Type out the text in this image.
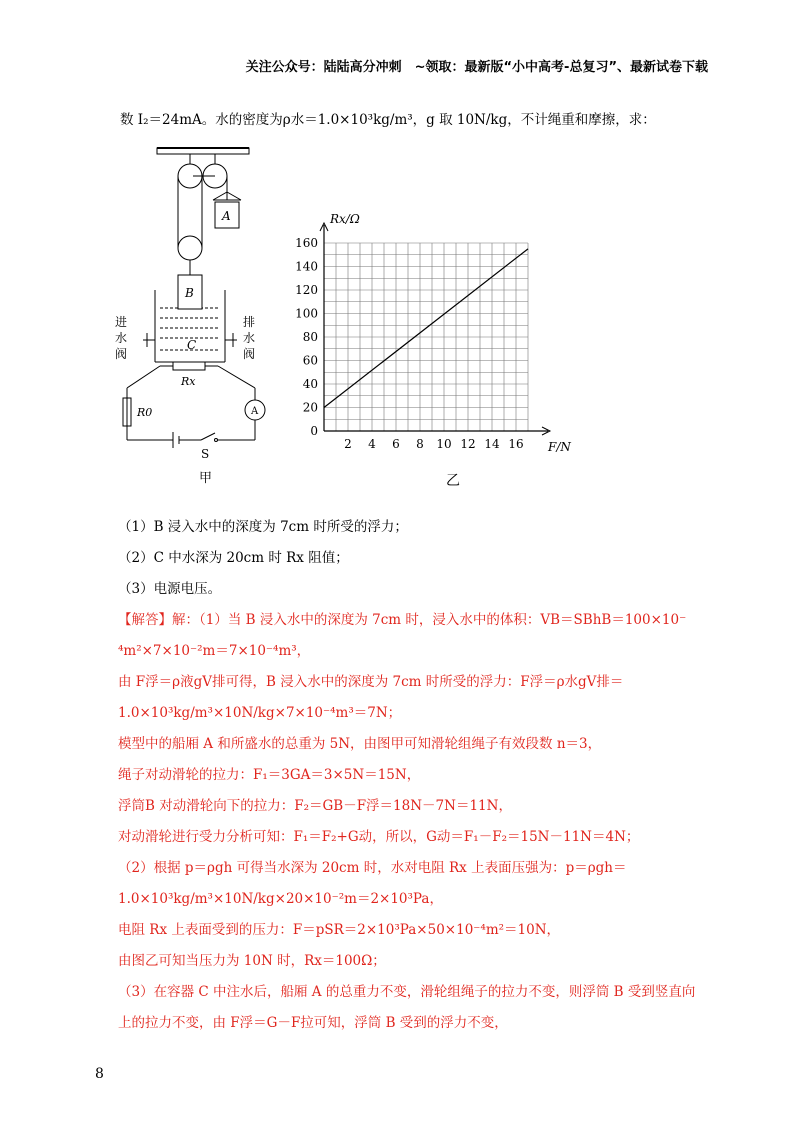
关注公众号：陆陆高分冲刺　~领取：最新版“小中高考-总复习”、最新试卷下载
数 I₂＝24mA。水的密度为ρ水＝1.0×10³kg/m³，g 取 10N/kg，不计绳重和摩擦，求：
A
B
C
进
水
阀
排
水
阀
Rx
R0	A
S
甲
0
20
40
60
80
100
120
140
160
2 4 6 8 10 12 14 16
Rx/Ω
F/N
乙
（1）B 浸入水中的深度为 7cm 时所受的浮力；
（2）C 中水深为 20cm 时 Rx 阻值；
（3）电源电压。
【解答】解：（1）当 B 浸入水中的深度为 7cm 时，浸入水中的体积：VB＝SBhB＝100×10⁻
⁴m²×7×10⁻²m＝7×10⁻⁴m³，
由 F浮＝ρ液gV排可得，B 浸入水中的深度为 7cm 时所受的浮力：F浮＝ρ水gV排＝
1.0×10³kg/m³×10N/kg×7×10⁻⁴m³＝7N；
模型中的船厢 A 和所盛水的总重为 5N，由图甲可知滑轮组绳子有效段数 n＝3，
绳子对动滑轮的拉力：F₁＝3GA＝3×5N＝15N，
浮筒B 对动滑轮向下的拉力：F₂＝GB－F浮＝18N－7N＝11N，
对动滑轮进行受力分析可知：F₁＝F₂+G动，所以，G动＝F₁－F₂＝15N－11N＝4N；
（2）根据 p＝ρgh 可得当水深为 20cm 时，水对电阻 Rx 上表面压强为：p＝ρgh＝
1.0×10³kg/m³×10N/kg×20×10⁻²m＝2×10³Pa，
电阻 Rx 上表面受到的压力：F＝pSR＝2×10³Pa×50×10⁻⁴m²＝10N，
由图乙可知当压力为 10N 时，Rx＝100Ω；
（3）在容器 C 中注水后，船厢 A 的总重力不变，滑轮组绳子的拉力不变，则浮筒 B 受到竖直向
上的拉力不变，由 F浮＝G－F拉可知，浮筒 B 受到的浮力不变，
8
